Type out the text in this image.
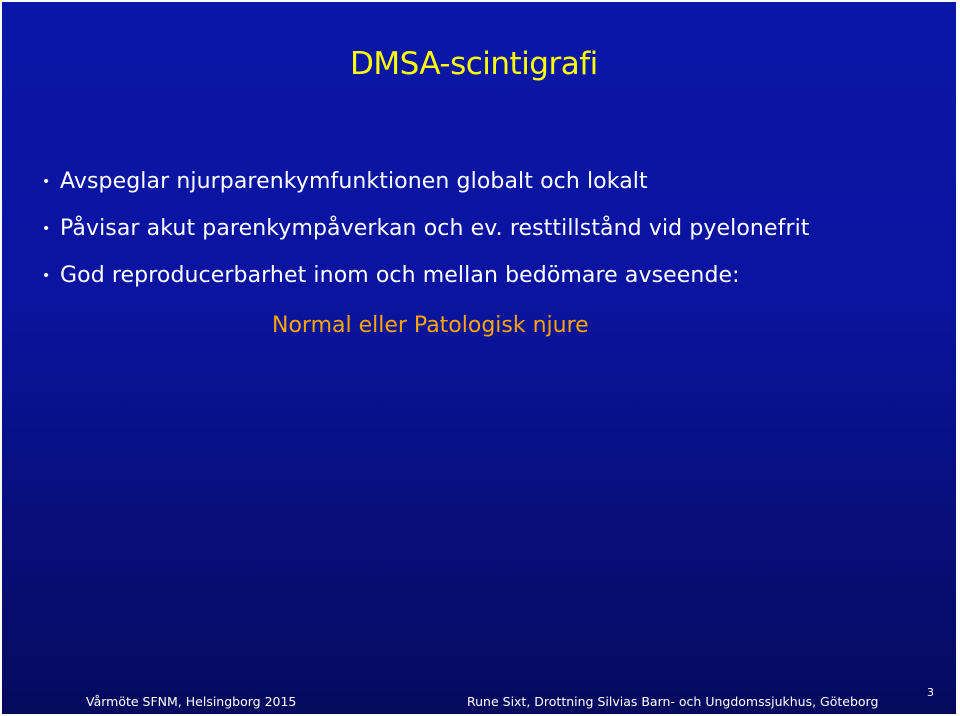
DMSA-scintigrafi
• Avspeglar njurparenkymfunktionen globalt och lokalt
• Påvisar akut parenkympåverkan och ev. resttillstånd vid pyelonefrit
• God reproducerbarhet inom och mellan bedömare avseende:
Normal eller Patologisk njure
Vårmöte SFNM, Helsingborg 2015	Rune Sixt, Drottning Silvias Barn- och Ungdomssjukhus, Göteborg
3
